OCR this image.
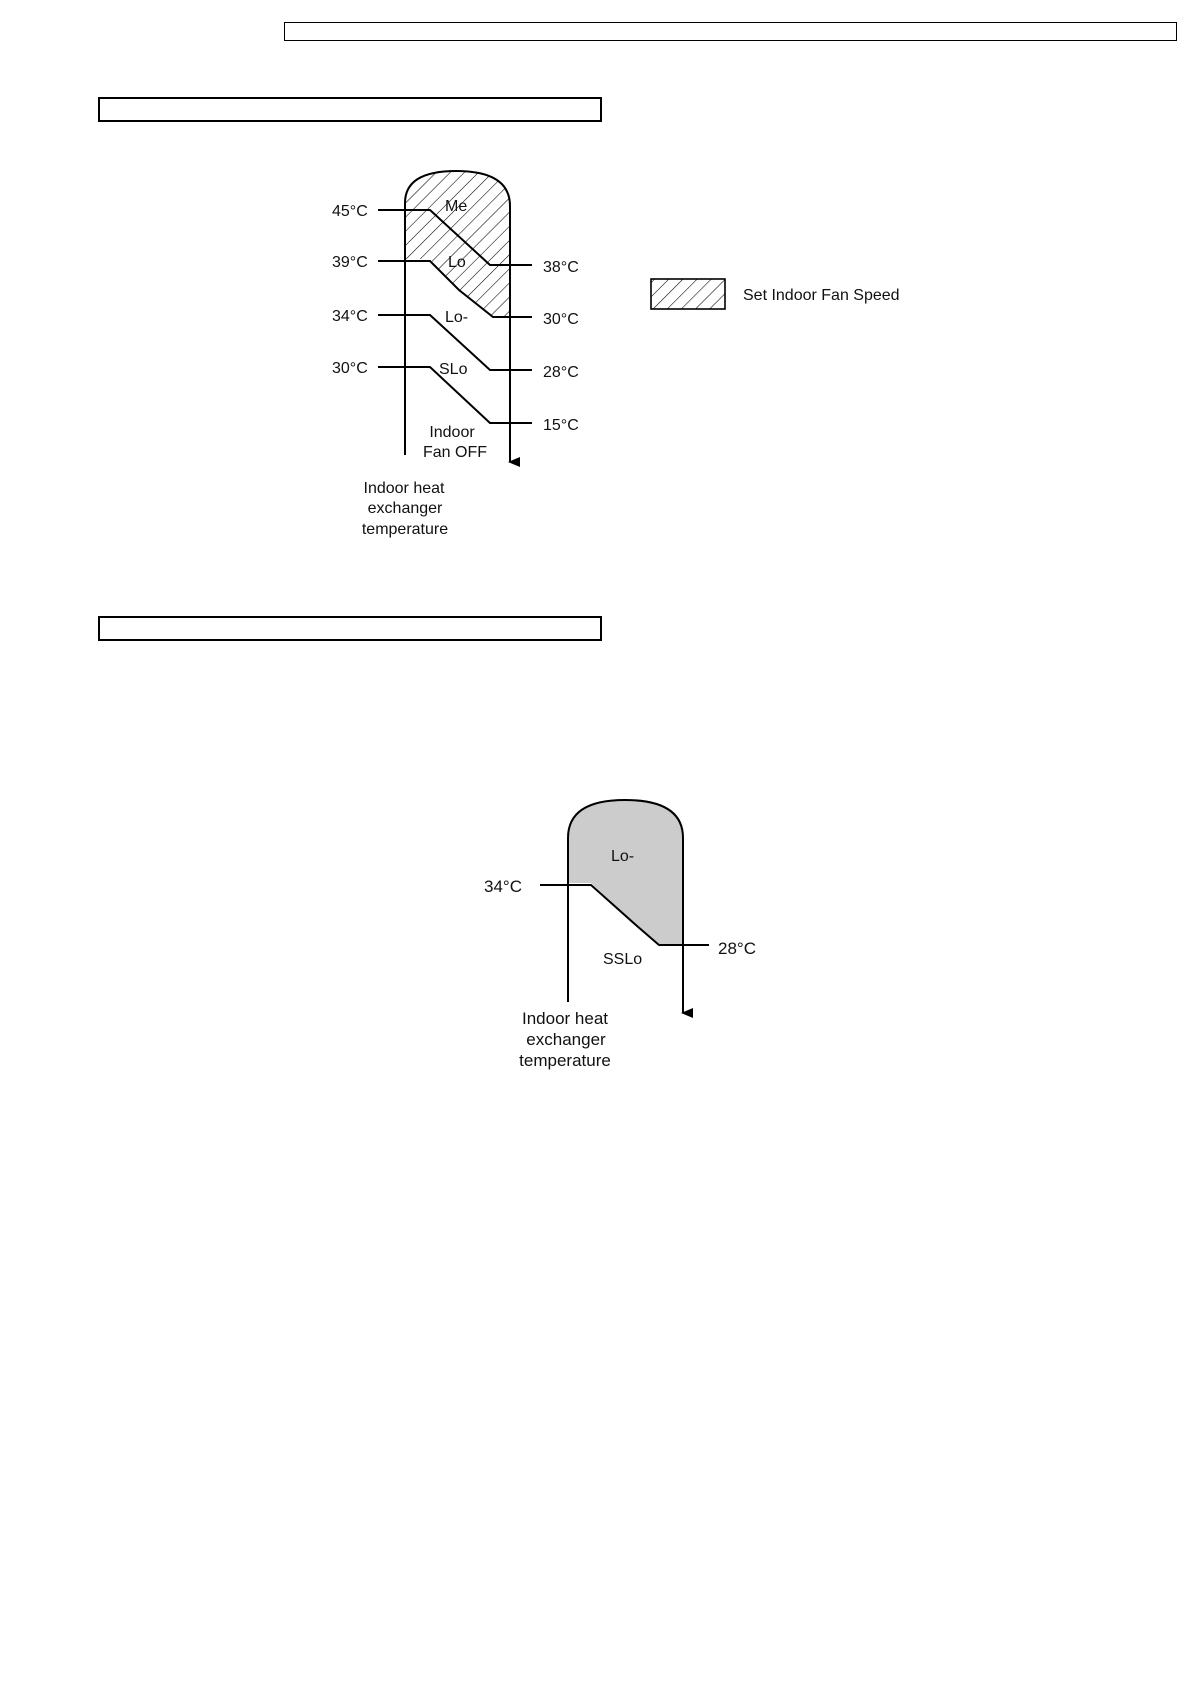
45°C
39°C
34°C
30°C
38°C
30°C
28°C
15°C
Me
Lo
Lo-
SLo
Indoor
Fan OFF
Indoor heat
exchanger
temperature
Set Indoor Fan Speed
34°C
28°C
Lo-
SSLo
Indoor heat
exchanger
temperature
